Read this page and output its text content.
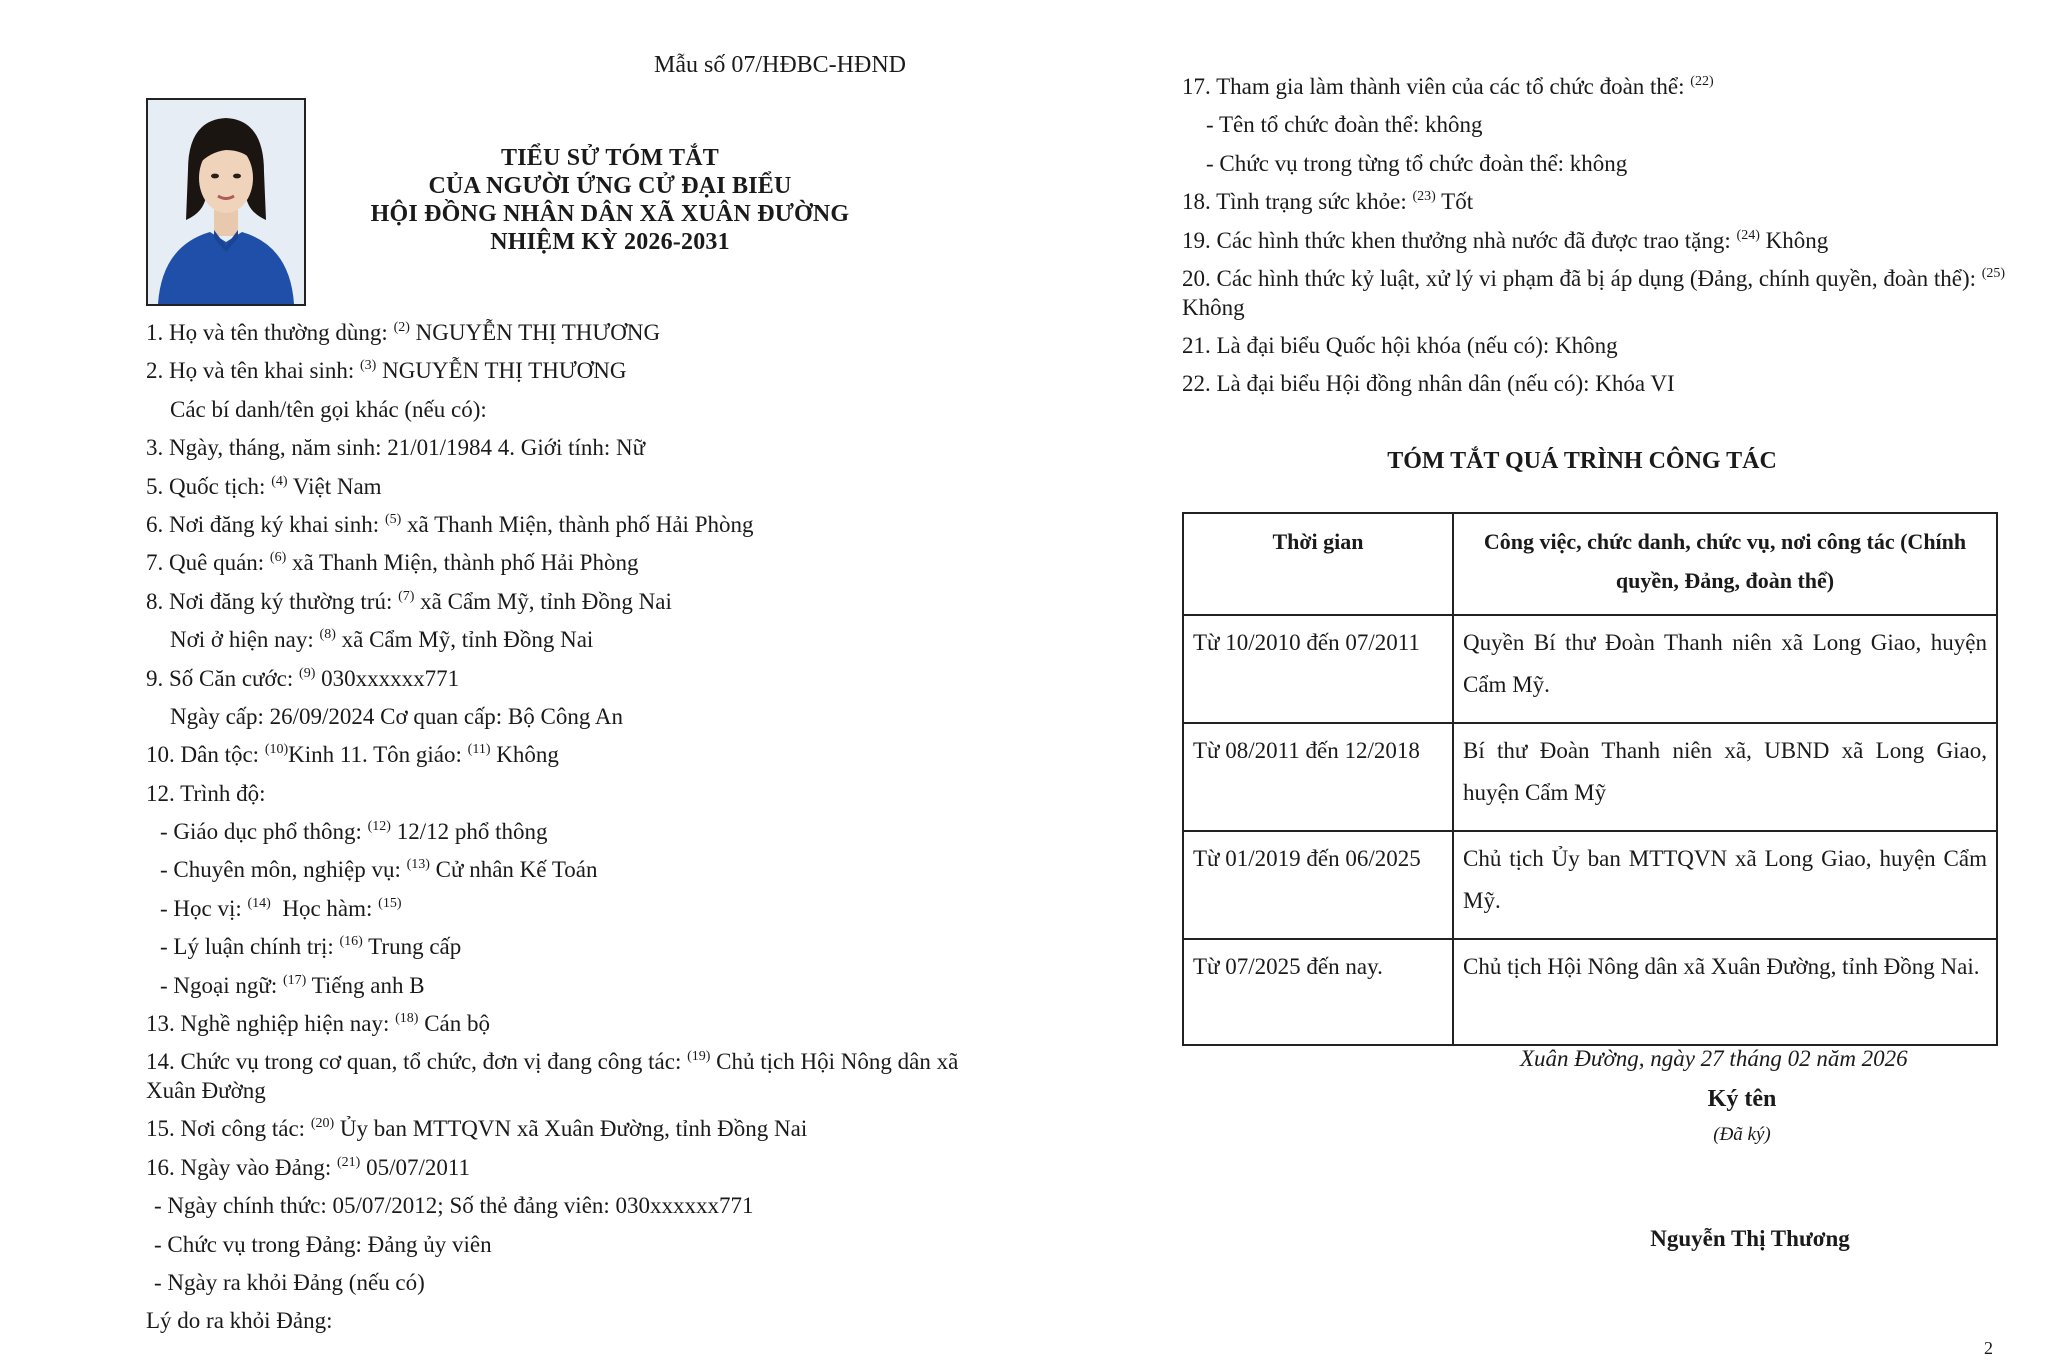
Mẫu số 07/HĐBC-HĐND
TIỂU SỬ TÓM TẮT
CỦA NGƯỜI ỨNG CỬ ĐẠI BIỂU
HỘI ĐỒNG NHÂN DÂN XÃ XUÂN ĐƯỜNG
NHIỆM KỲ 2026-2031
1. Họ và tên thường dùng: $^{(2)}$ NGUYỄN THỊ THƯƠNG
2. Họ và tên khai sinh: $^{(3)}$ NGUYỄN THỊ THƯƠNG
Các bí danh/tên gọi khác (nếu có):
3. Ngày, tháng, năm sinh: 21/01/1984 4. Giới tính: Nữ
5. Quốc tịch: $^{(4)}$ Việt Nam
6. Nơi đăng ký khai sinh: $^{(5)}$ xã Thanh Miện, thành phố Hải Phòng
7. Quê quán: $^{(6)}$ xã Thanh Miện, thành phố Hải Phòng
8. Nơi đăng ký thường trú: $^{(7)}$ xã Cẩm Mỹ, tỉnh Đồng Nai
Nơi ở hiện nay: $^{(8)}$ xã Cẩm Mỹ, tỉnh Đồng Nai
9. Số Căn cước: $^{(9)}$ 030xxxxxx771
Ngày cấp: 26/09/2024 Cơ quan cấp: Bộ Công An
10. Dân tộc: $^{(10)}$Kinh 11. Tôn giáo: $^{(11)}$ Không
12. Trình độ:
- Giáo dục phổ thông: $^{(12)}$ 12/12 phổ thông
- Chuyên môn, nghiệp vụ: $^{(13)}$ Cử nhân Kế Toán
- Học vị: $^{(14)}$  Học hàm: $^{(15)}$
- Lý luận chính trị: $^{(16)}$ Trung cấp
- Ngoại ngữ: $^{(17)}$ Tiếng anh B
13. Nghề nghiệp hiện nay: $^{(18)}$ Cán bộ
14. Chức vụ trong cơ quan, tổ chức, đơn vị đang công tác: $^{(19)}$ Chủ tịch Hội Nông dân xã Xuân Đường
15. Nơi công tác: $^{(20)}$ Ủy ban MTTQVN xã Xuân Đường, tỉnh Đồng Nai
16. Ngày vào Đảng: $^{(21)}$ 05/07/2011
- Ngày chính thức: 05/07/2012; Số thẻ đảng viên: 030xxxxxx771
- Chức vụ trong Đảng: Đảng ủy viên
- Ngày ra khỏi Đảng (nếu có)
Lý do ra khỏi Đảng:
17. Tham gia làm thành viên của các tổ chức đoàn thể: $^{(22)}$
- Tên tổ chức đoàn thể: không
- Chức vụ trong từng tổ chức đoàn thể: không
18. Tình trạng sức khỏe: $^{(23)}$ Tốt
19. Các hình thức khen thưởng nhà nước đã được trao tặng: $^{(24)}$ Không
20. Các hình thức kỷ luật, xử lý vi phạm đã bị áp dụng (Đảng, chính quyền, đoàn thể): $^{(25)}$ Không
21. Là đại biểu Quốc hội khóa (nếu có): Không
22. Là đại biểu Hội đồng nhân dân (nếu có): Khóa VI
TÓM TẮT QUÁ TRÌNH CÔNG TÁC
Thời gian	Công việc, chức danh, chức vụ, nơi công tác (Chính quyền, Đảng, đoàn thể)
Từ 10/2010 đến 07/2011	Quyền Bí thư Đoàn Thanh niên xã Long Giao, huyện Cẩm Mỹ.
Từ 08/2011 đến 12/2018	Bí thư Đoàn Thanh niên xã, UBND xã Long Giao, huyện Cẩm Mỹ
Từ 01/2019 đến 06/2025	Chủ tịch Ủy ban MTTQVN xã Long Giao, huyện Cẩm Mỹ.
Từ 07/2025 đến nay.	Chủ tịch Hội Nông dân xã Xuân Đường, tỉnh Đồng Nai.
Xuân Đường, ngày 27 tháng 02 năm 2026
Ký tên
(Đã ký)
Nguyễn Thị Thương
2
